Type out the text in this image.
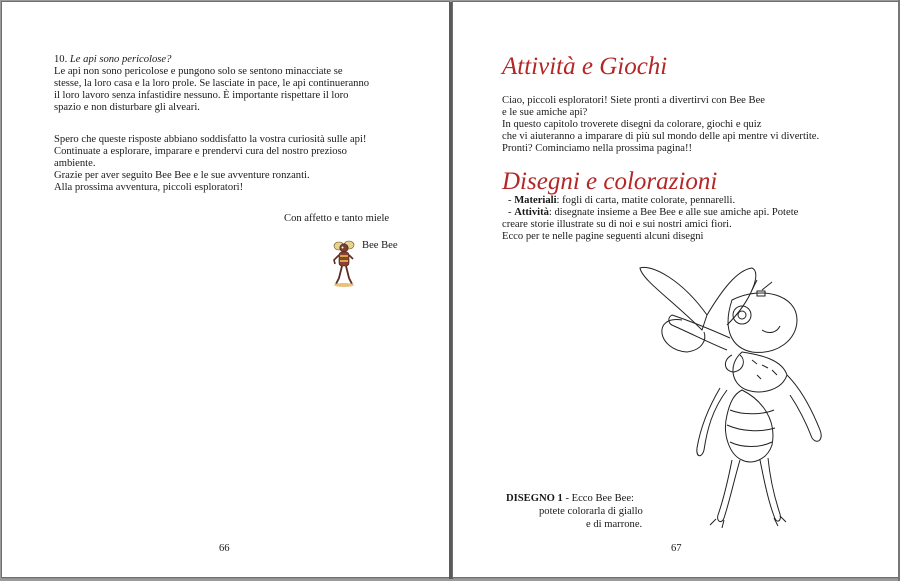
10. Le api sono pericolose?
Le api non sono pericolose e pungono solo se sentono minacciate se
stesse, la loro casa e la loro prole. Se lasciate in pace, le api continueranno
il loro lavoro senza infastidire nessuno. È importante rispettare il loro
spazio e non disturbare gli alveari.
Spero che queste risposte abbiano soddisfatto la vostra curiosità sulle api!
Continuate a esplorare, imparare e prendervi cura del nostro prezioso
ambiente.
Grazie per aver seguito Bee Bee e le sue avventure ronzanti.
Alla prossima avventura, piccoli esploratori!
Con affetto e tanto miele
Bee Bee
66
Attività e Giochi
Ciao, piccoli esploratori! Siete pronti a divertirvi con Bee Bee
e le sue amiche api?
In questo capitolo troverete disegni da colorare, giochi e quiz
che vi aiuteranno a imparare di più sul mondo delle api mentre vi divertite.
Pronti? Cominciamo nella prossima pagina!!
Disegni e colorazioni
- Materiali: fogli di carta, matite colorate, pennarelli.
- Attività: disegnate insieme a Bee Bee e alle sue amiche api. Potete
creare storie illustrate su di noi e sui nostri amici fiori.
Ecco per te nelle pagine seguenti alcuni disegni
DISEGNO 1 - Ecco Bee Bee:
potete colorarla di giallo
e di marrone.
67
